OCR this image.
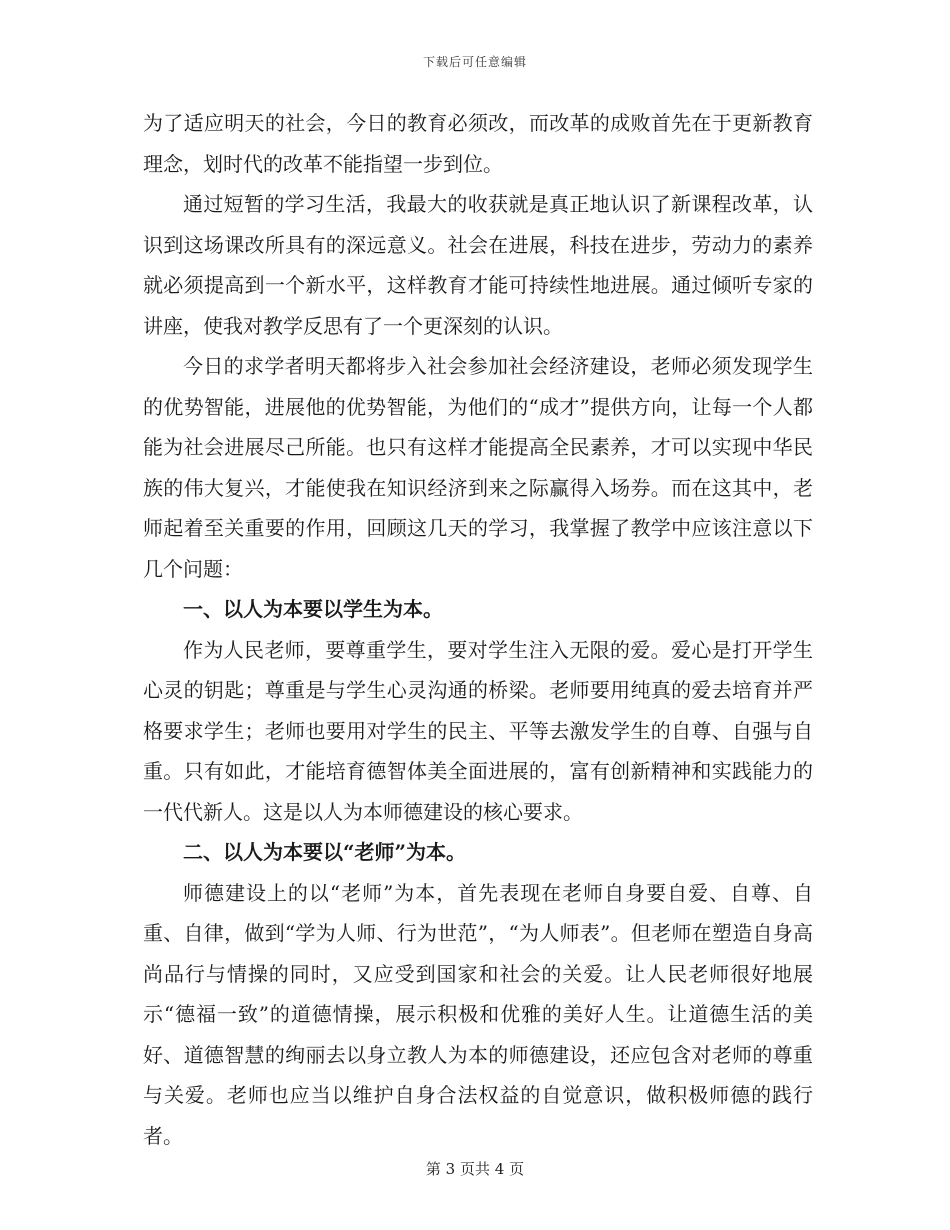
下载后可任意编辑

为了适应明天的社会，今日的教育必须改，而改革的成败首先在于更新教育理念，划时代的改革不能指望一步到位。

通过短暂的学习生活，我最大的收获就是真正地认识了新课程改革，认识到这场课改所具有的深远意义。社会在进展，科技在进步，劳动力的素养就必须提高到一个新水平，这样教育才能可持续性地进展。通过倾听专家的讲座，使我对教学反思有了一个更深刻的认识。

今日的求学者明天都将步入社会参加社会经济建设，老师必须发现学生的优势智能，进展他的优势智能，为他们的“成才”提供方向，让每一个人都能为社会进展尽己所能。也只有这样才能提高全民素养，才可以实现中华民族的伟大复兴，才能使我在知识经济到来之际赢得入场券。而在这其中，老师起着至关重要的作用，回顾这几天的学习，我掌握了教学中应该注意以下几个问题：

一、以人为本要以学生为本。

作为人民老师，要尊重学生，要对学生注入无限的爱。爱心是打开学生心灵的钥匙；尊重是与学生心灵沟通的桥梁。老师要用纯真的爱去培育并严格要求学生；老师也要用对学生的民主、平等去激发学生的自尊、自强与自重。只有如此，才能培育德智体美全面进展的，富有创新精神和实践能力的一代代新人。这是以人为本师德建设的核心要求。

二、以人为本要以“老师”为本。

师德建设上的以“老师”为本，首先表现在老师自身要自爱、自尊、自重、自律，做到“学为人师、行为世范”，“为人师表”。但老师在塑造自身高尚品行与情操的同时，又应受到国家和社会的关爱。让人民老师很好地展示“德福一致”的道德情操，展示积极和优雅的美好人生。让道德生活的美好、道德智慧的绚丽去以身立教人为本的师德建设，还应包含对老师的尊重与关爱。老师也应当以维护自身合法权益的自觉意识，做积极师德的践行者。

第 3 页共 4 页
